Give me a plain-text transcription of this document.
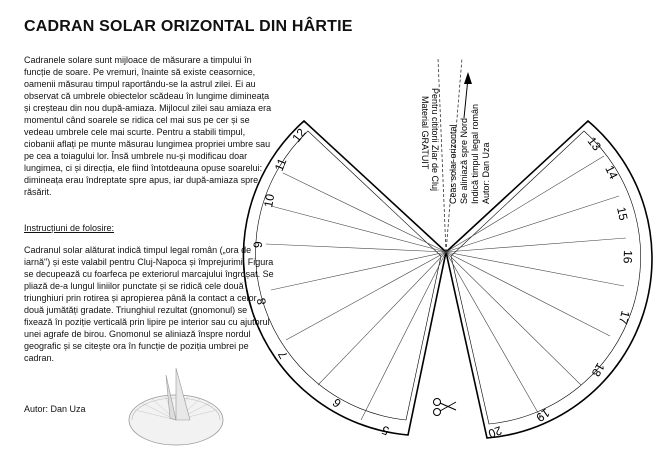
CADRAN SOLAR ORIZONTAL DIN HÂRTIE
Cadranele solare sunt mijloace de măsurare a timpului în funcție de soare. Pe vremuri, înainte să existe ceasornice, oamenii măsurau timpul raportându-se la astrul zilei. Ei au observat că umbrele obiectelor scădeau în lungime dimineața și creșteau din nou după-amiaza. Mijlocul zilei sau amiaza era momentul când soarele se ridica cel mai sus pe cer și se vedeau umbrele cele mai scurte. Pentru a stabili timpul, ciobanii aflați pe munte măsurau lungimea propriei umbre sau pe cea a toiagului lor. Însă umbrele nu-și modificau doar lungimea, ci și direcția, ele fiind întotdeauna opuse soarelui: dimineața erau îndreptate spre apus, iar după-amiaza spre răsărit.
Instrucțiuni de folosire:
Cadranul solar alăturat indică timpul legal român („ora de iarnă") și este valabil pentru Cluj-Napoca și împrejurimi. Figura se decupează cu foarfeca pe exteriorul marcajului îngroșat. Se pliază de-a lungul liniilor punctate și se ridică cele două triunghiuri prin rotirea și apropierea până la contact a celor două jumătăți gradate. Triunghiul rezultat (gnomonul) se fixează în poziție verticală prin lipire pe interior sau cu ajutorul unei agrafe de birou. Gnomonul se aliniază înspre nordul geografic și se citește ora în funcție de poziția umbrei pe cadran.
Autor: Dan Uza
12
11
10
9
8
7
6
5
13
14
15
16
17
18
19
20
Pentru cititorii Ziar de Cluj
Material GRATUIT Ceas solar orizontal Se aliniază spre Nord Indică timpul legal român Autor: Dan Uza
